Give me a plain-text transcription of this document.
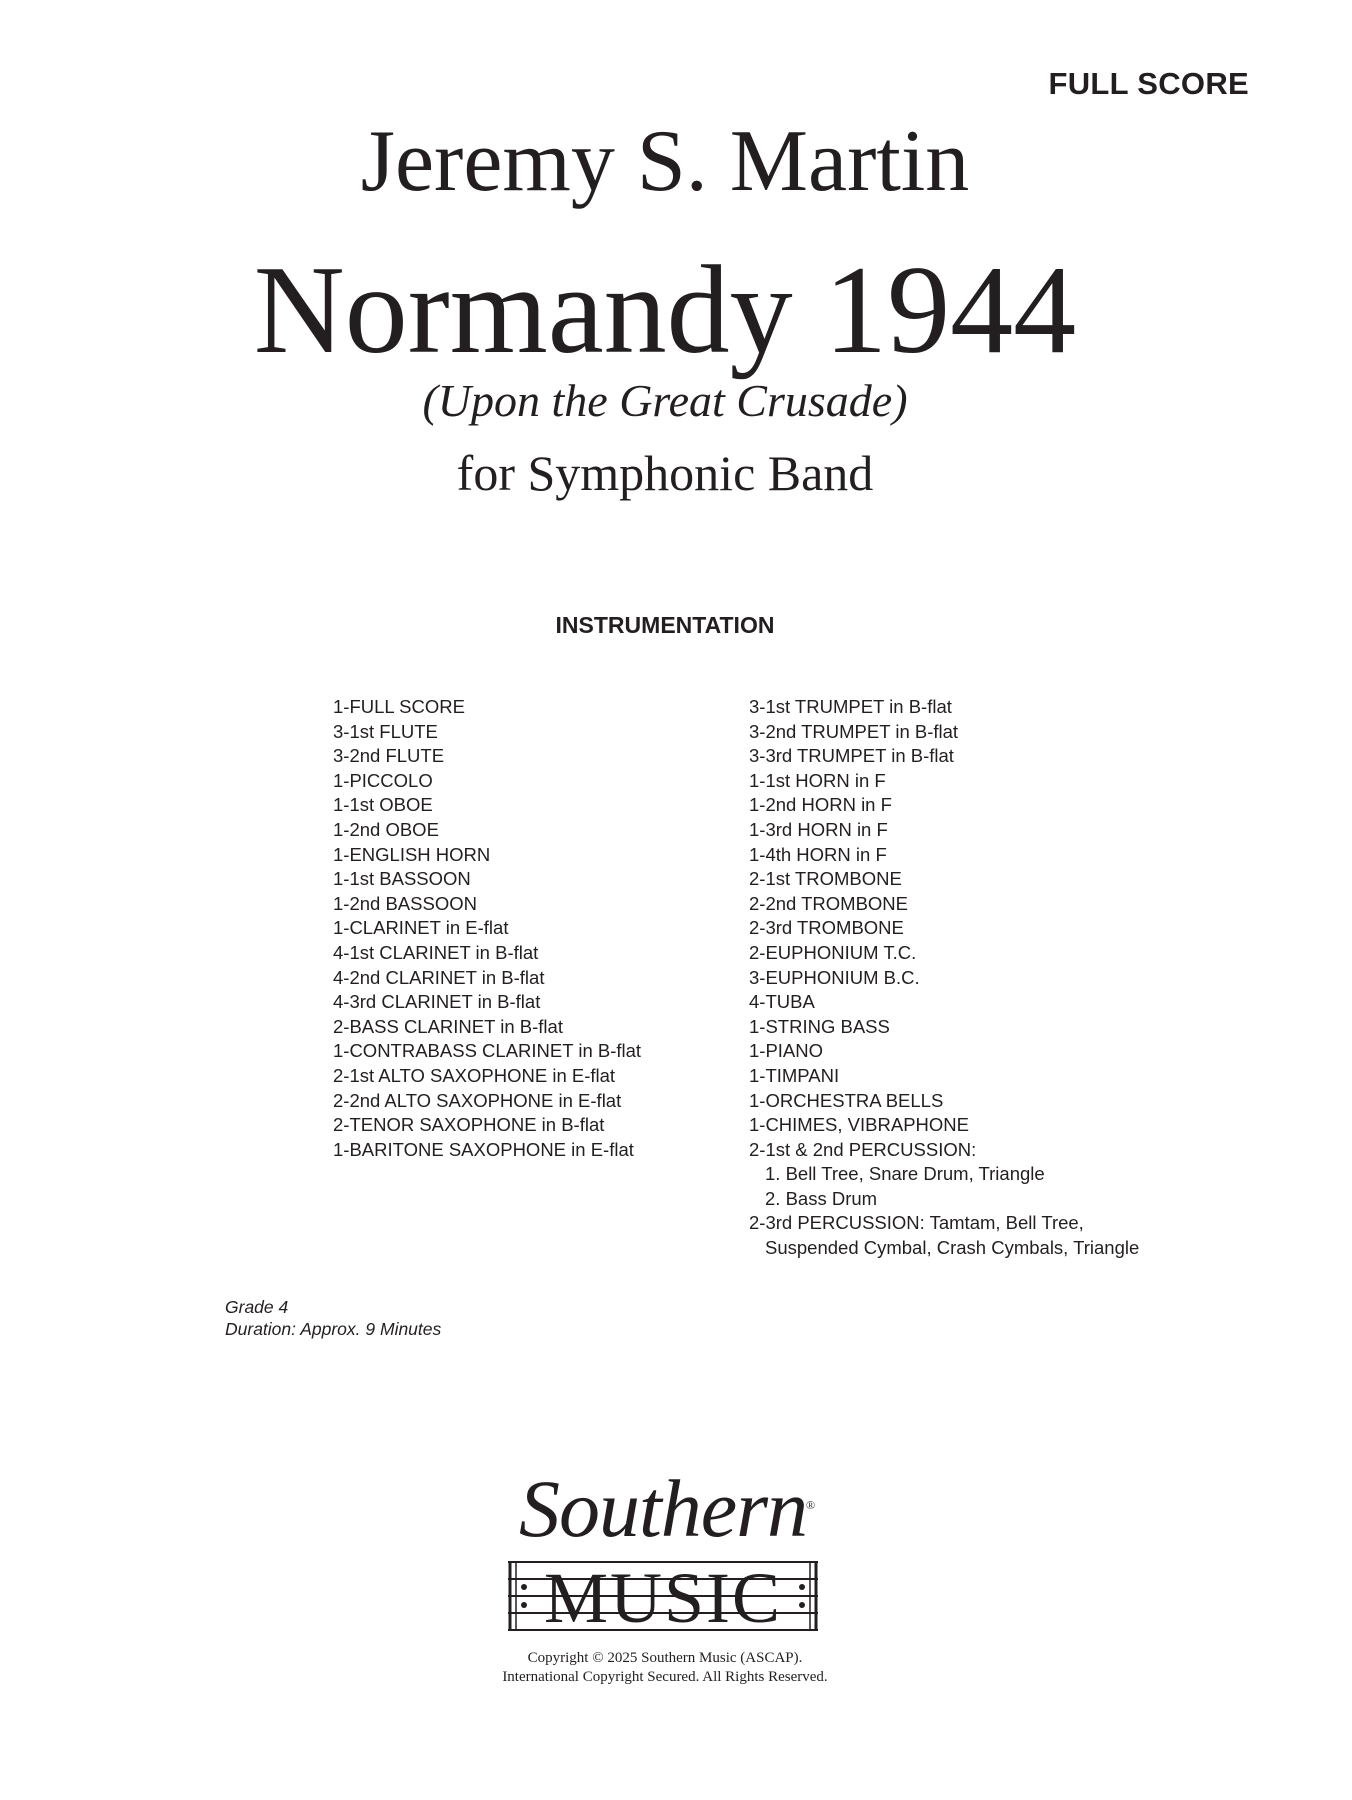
FULL SCORE
Jeremy S. Martin
Normandy 1944
(Upon the Great Crusade)
for Symphonic Band
INSTRUMENTATION
1-FULL SCORE
3-1st FLUTE
3-2nd FLUTE
1-PICCOLO
1-1st OBOE
1-2nd OBOE
1-ENGLISH HORN
1-1st BASSOON
1-2nd BASSOON
1-CLARINET in E-flat
4-1st CLARINET in B-flat
4-2nd CLARINET in B-flat
4-3rd CLARINET in B-flat
2-BASS CLARINET in B-flat
1-CONTRABASS CLARINET in B-flat
2-1st ALTO SAXOPHONE in E-flat
2-2nd ALTO SAXOPHONE in E-flat
2-TENOR SAXOPHONE in B-flat
1-BARITONE SAXOPHONE in E-flat
3-1st TRUMPET in B-flat
3-2nd TRUMPET in B-flat
3-3rd TRUMPET in B-flat
1-1st HORN in F
1-2nd HORN in F
1-3rd HORN in F
1-4th HORN in F
2-1st TROMBONE
2-2nd TROMBONE
2-3rd TROMBONE
2-EUPHONIUM T.C.
3-EUPHONIUM B.C.
4-TUBA
1-STRING BASS
1-PIANO
1-TIMPANI
1-ORCHESTRA BELLS
1-CHIMES, VIBRAPHONE
2-1st & 2nd PERCUSSION:
1. Bell Tree, Snare Drum, Triangle
2. Bass Drum
2-3rd PERCUSSION: Tamtam, Bell Tree,
Suspended Cymbal, Crash Cymbals, Triangle
Grade 4
Duration: Approx. 9 Minutes
Southern
®
MUSIC
Copyright © 2025 Southern Music (ASCAP).
International Copyright Secured. All Rights Reserved.
